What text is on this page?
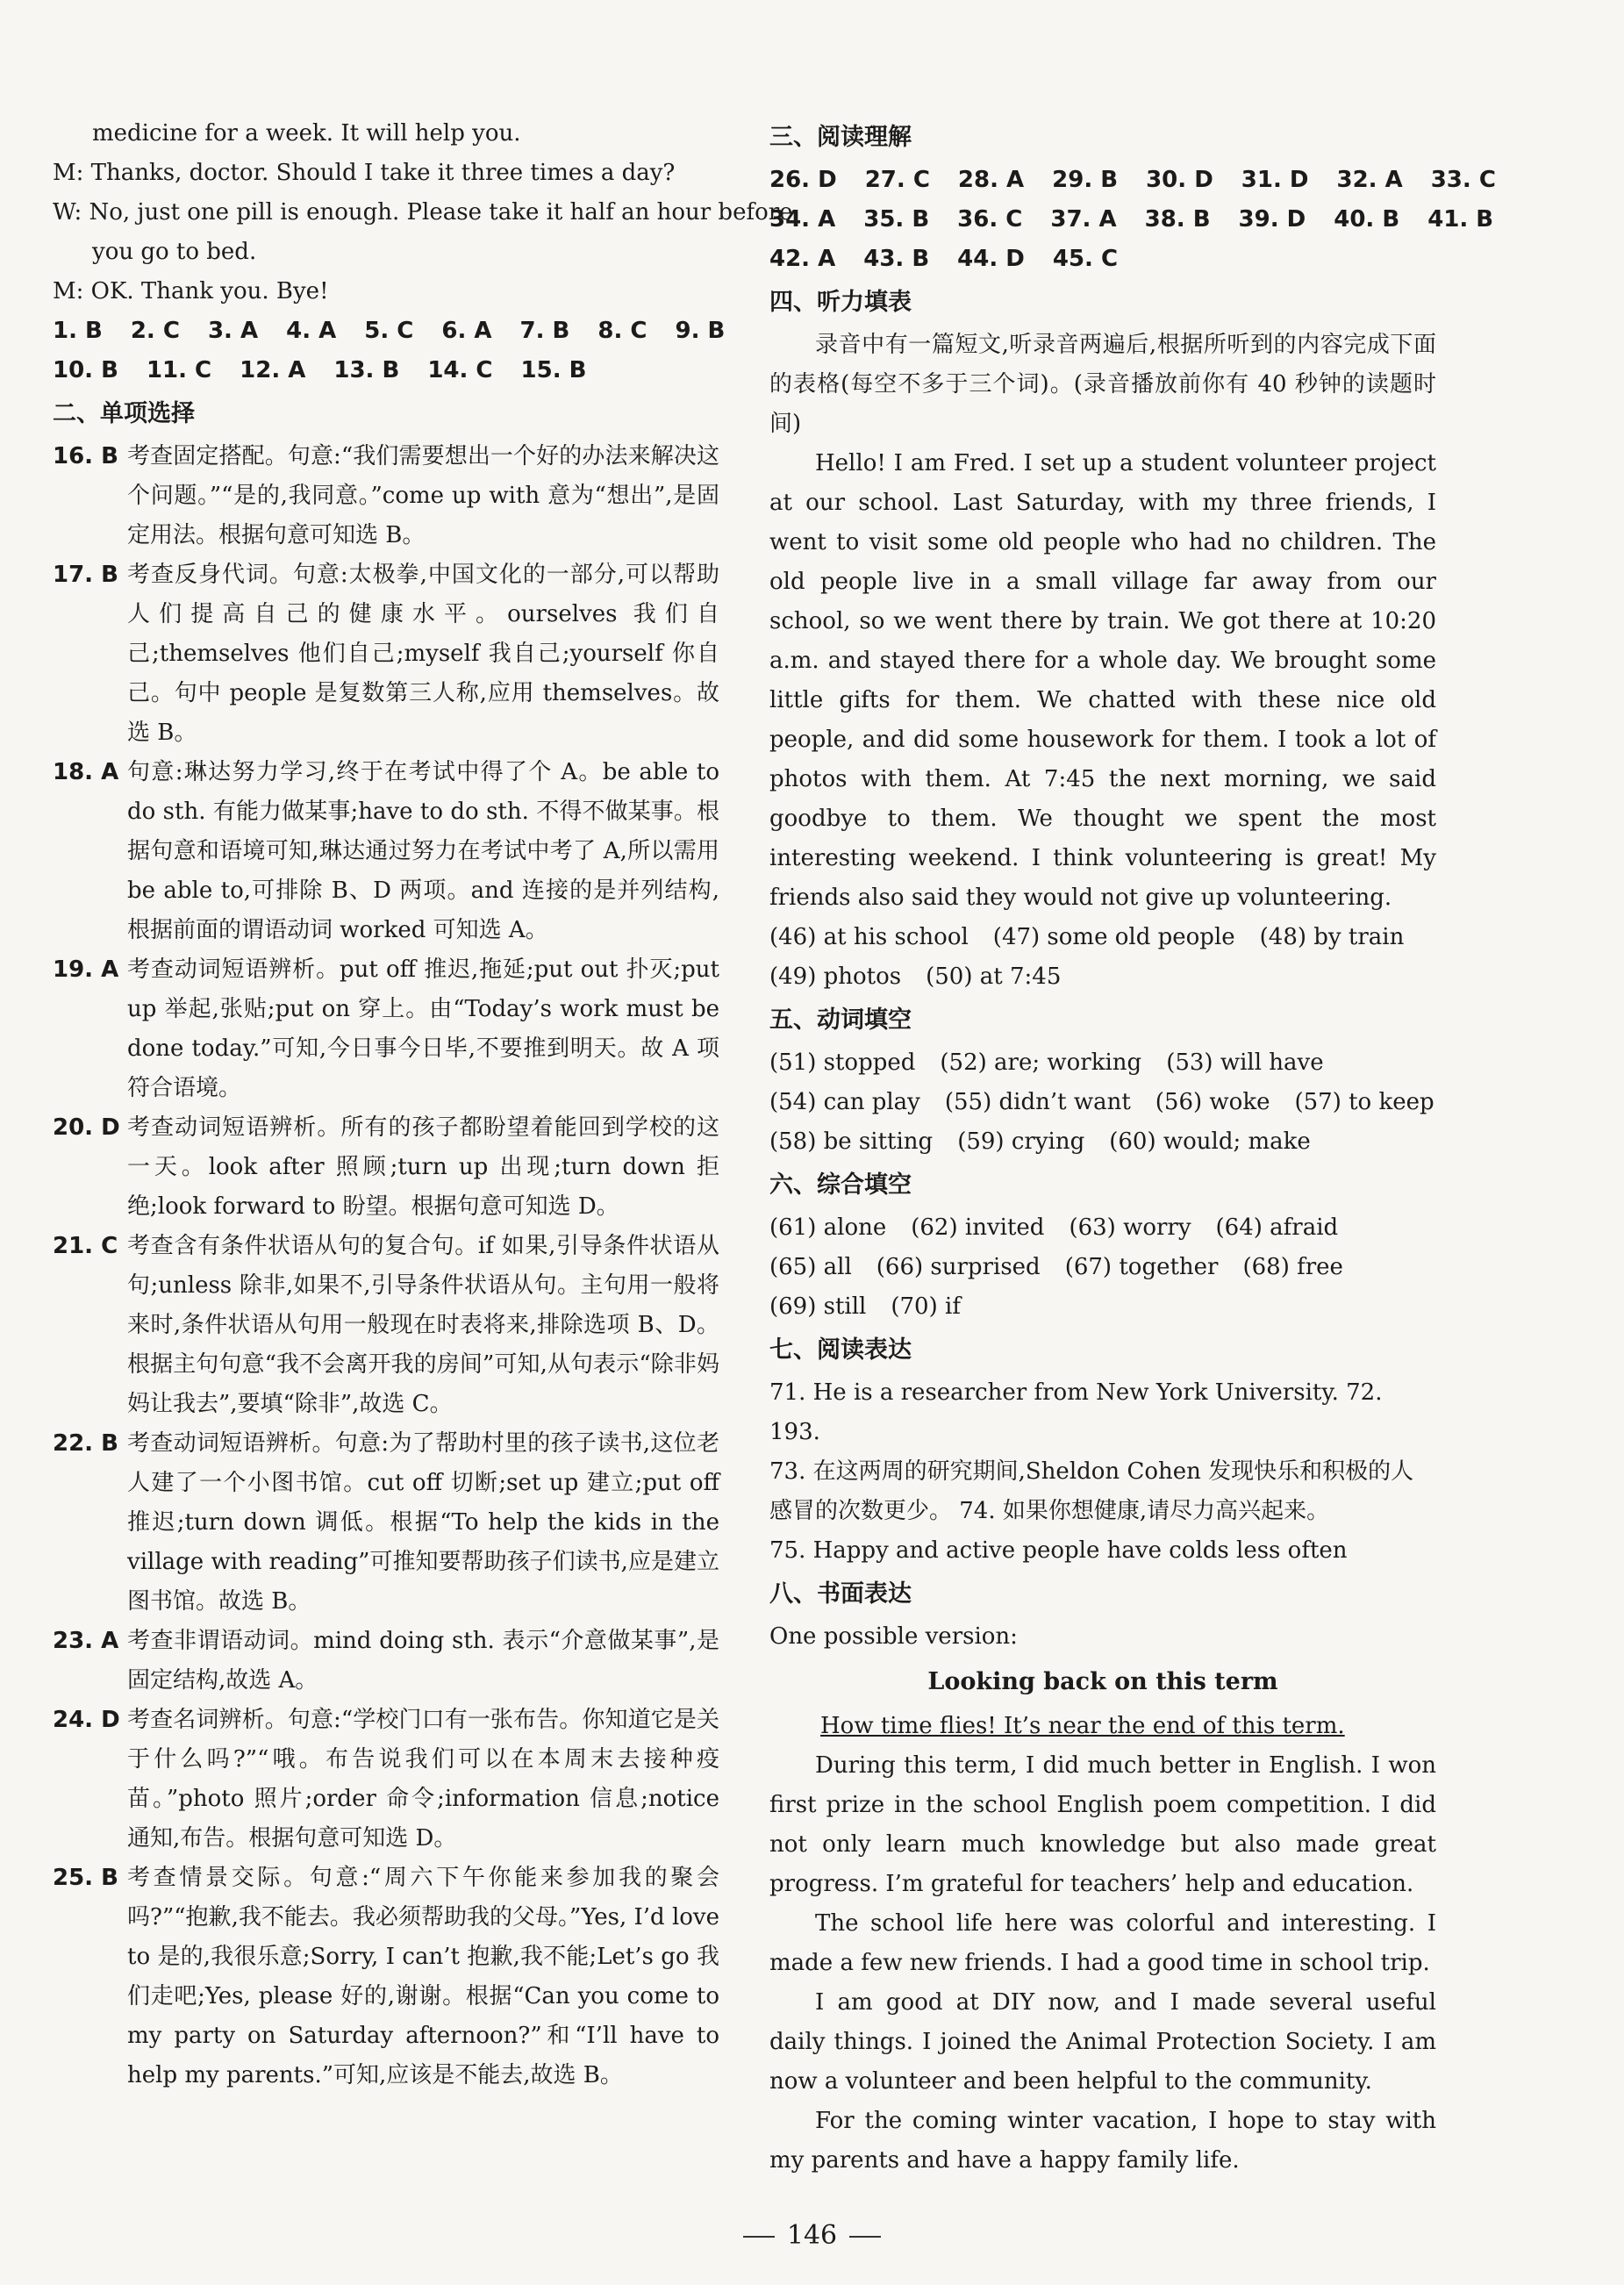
medicine for a week. It will help you.
M: Thanks, doctor. Should I take it three times a day?
W: No, just one pill is enough. Please take it half an hour before
you go to bed.
M: OK. Thank you. Bye!
1. B 2. C 3. A 4. A 5. C 6. A 7. B 8. C 9. B
10. B 11. C 12. A 13. B 14. C 15. B
二、单项选择
16. B 考查固定搭配。句意:“我们需要想出一个好的办法来解决这个问题。”“是的,我同意。”come up with 意为“想出”,是固定用法。根据句意可知选 B。
17. B 考查反身代词。句意:太极拳,中国文化的一部分,可以帮助人们提高自己的健康水平。ourselves 我们自己;themselves 他们自己;myself 我自己;yourself 你自己。句中 people 是复数第三人称,应用 themselves。故选 B。
18. A 句意:琳达努力学习,终于在考试中得了个 A。be able to do sth. 有能力做某事;have to do sth. 不得不做某事。根据句意和语境可知,琳达通过努力在考试中考了 A,所以需用 be able to,可排除 B、D 两项。and 连接的是并列结构,根据前面的谓语动词 worked 可知选 A。
19. A 考查动词短语辨析。put off 推迟,拖延;put out 扑灭;put up 举起,张贴;put on 穿上。由“Today’s work must be done today.”可知,今日事今日毕,不要推到明天。故 A 项符合语境。
20. D 考查动词短语辨析。所有的孩子都盼望着能回到学校的这一天。look after 照顾;turn up 出现;turn down 拒绝;look forward to 盼望。根据句意可知选 D。
21. C 考查含有条件状语从句的复合句。if 如果,引导条件状语从句;unless 除非,如果不,引导条件状语从句。主句用一般将来时,条件状语从句用一般现在时表将来,排除选项 B、D。根据主句句意“我不会离开我的房间”可知,从句表示“除非妈妈让我去”,要填“除非”,故选 C。
22. B 考查动词短语辨析。句意:为了帮助村里的孩子读书,这位老人建了一个小图书馆。cut off 切断;set up 建立;put off 推迟;turn down 调低。根据“To help the kids in the village with reading”可推知要帮助孩子们读书,应是建立图书馆。故选 B。
23. A 考查非谓语动词。mind doing sth. 表示“介意做某事”,是固定结构,故选 A。
24. D 考查名词辨析。句意:“学校门口有一张布告。你知道它是关于什么吗?”“哦。布告说我们可以在本周末去接种疫苗。”photo 照片;order 命令;information 信息;notice 通知,布告。根据句意可知选 D。
25. B 考查情景交际。句意:“周六下午你能来参加我的聚会吗?”“抱歉,我不能去。我必须帮助我的父母。”Yes, I’d love to 是的,我很乐意;Sorry, I can’t 抱歉,我不能;Let’s go 我们走吧;Yes, please 好的,谢谢。根据“Can you come to my party on Saturday afternoon?”和“I’ll have to help my parents.”可知,应该是不能去,故选 B。
三、阅读理解
26. D 27. C 28. A 29. B 30. D 31. D 32. A 33. C
34. A 35. B 36. C 37. A 38. B 39. D 40. B 41. B
42. A 43. B 44. D 45. C
四、听力填表
录音中有一篇短文,听录音两遍后,根据所听到的内容完成下面的表格(每空不多于三个词)。(录音播放前你有 40 秒钟的读题时间)
Hello! I am Fred. I set up a student volunteer project at our school. Last Saturday, with my three friends, I went to visit some old people who had no children. The old people live in a small village far away from our school, so we went there by train. We got there at 10:20 a.m. and stayed there for a whole day. We brought some little gifts for them. We chatted with these nice old people, and did some housework for them. I took a lot of photos with them. At 7:45 the next morning, we said goodbye to them. We thought we spent the most interesting weekend. I think volunteering is great! My friends also said they would not give up volunteering.
(46) at his school (47) some old people (48) by train
(49) photos (50) at 7:45
五、动词填空
(51) stopped (52) are; working (53) will have
(54) can play (55) didn’t want (56) woke (57) to keep
(58) be sitting (59) crying (60) would; make
六、综合填空
(61) alone (62) invited (63) worry (64) afraid
(65) all (66) surprised (67) together (68) free
(69) still (70) if
七、阅读表达
71. He is a researcher from New York University. 72. 193.
73. 在这两周的研究期间,Sheldon Cohen 发现快乐和积极的人感冒的次数更少。 74. 如果你想健康,请尽力高兴起来。
75. Happy and active people have colds less often
八、书面表达
One possible version:
Looking back on this term
How time flies! It’s near the end of this term.
During this term, I did much better in English. I won first prize in the school English poem competition. I did not only learn much knowledge but also made great progress. I’m grateful for teachers’ help and education.
The school life here was colorful and interesting. I made a few new friends. I had a good time in school trip.
I am good at DIY now, and I made several useful daily things. I joined the Animal Protection Society. I am now a volunteer and been helpful to the community.
For the coming winter vacation, I hope to stay with my parents and have a happy family life.
146
